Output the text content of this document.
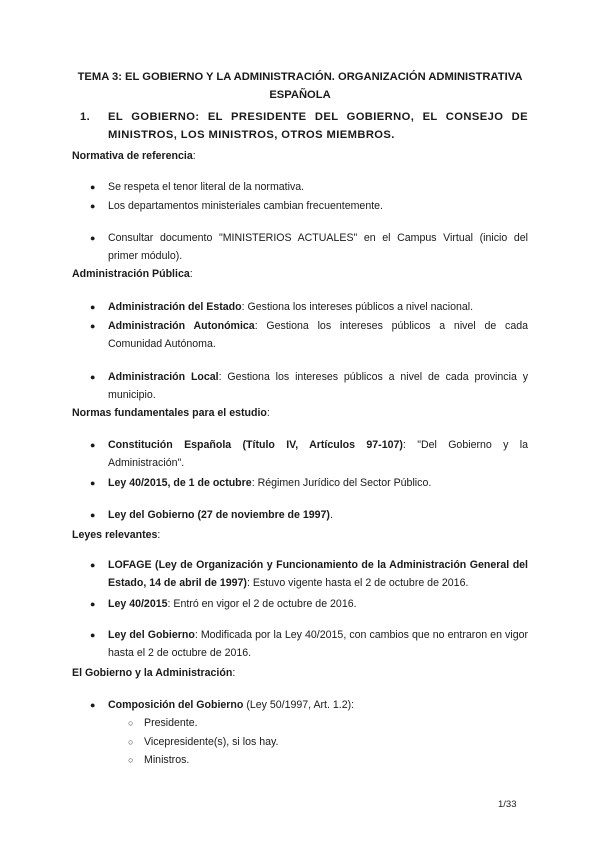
TEMA 3: EL GOBIERNO Y LA ADMINISTRACIÓN. ORGANIZACIÓN ADMINISTRATIVA
ESPAÑOLA
1. EL GOBIERNO: EL PRESIDENTE DEL GOBIERNO, EL CONSEJO DE MINISTROS, LOS MINISTROS, OTROS MIEMBROS.
Normativa de referencia:
● Se respeta el tenor literal de la normativa.
● Los departamentos ministeriales cambian frecuentemente.
● Consultar documento "MINISTERIOS ACTUALES" en el Campus Virtual (inicio del primer módulo).
Administración Pública:
● Administración del Estado: Gestiona los intereses públicos a nivel nacional.
● Administración Autonómica: Gestiona los intereses públicos a nivel de cada Comunidad Autónoma.
● Administración Local: Gestiona los intereses públicos a nivel de cada provincia y municipio.
Normas fundamentales para el estudio:
● Constitución Española (Título IV, Artículos 97-107): "Del Gobierno y la Administración".
● Ley 40/2015, de 1 de octubre: Régimen Jurídico del Sector Público.
● Ley del Gobierno (27 de noviembre de 1997).
Leyes relevantes:
● LOFAGE (Ley de Organización y Funcionamiento de la Administración General del Estado, 14 de abril de 1997): Estuvo vigente hasta el 2 de octubre de 2016.
● Ley 40/2015: Entró en vigor el 2 de octubre de 2016.
● Ley del Gobierno: Modificada por la Ley 40/2015, con cambios que no entraron en vigor hasta el 2 de octubre de 2016.
El Gobierno y la Administración:
● Composición del Gobierno (Ley 50/1997, Art. 1.2):
○ Presidente.
○ Vicepresidente(s), si los hay.
○ Ministros.
1/33
